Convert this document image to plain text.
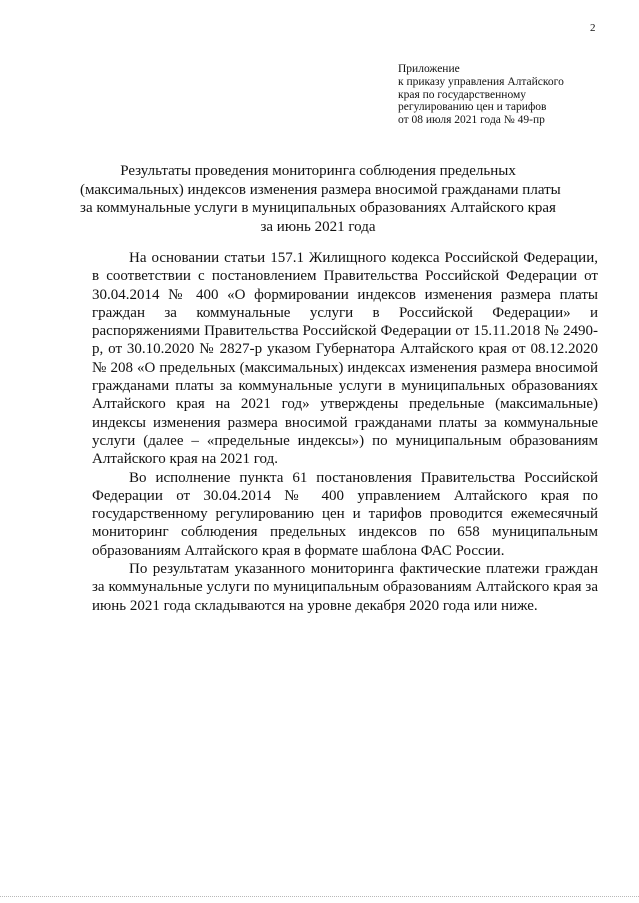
2
Приложение
к приказу управления Алтайского
края по государственному
регулированию цен и тарифов
от 08 июля 2021 года № 49-пр
Результаты проведения мониторинга соблюдения предельных
(максимальных) индексов изменения размера вносимой гражданами платы
за коммунальные услуги в муниципальных образованиях Алтайского края
за июнь 2021 года

На основании статьи 157.1 Жилищного кодекса Российской Федерации, в соответствии с постановлением Правительства Российской Федерации от 30.04.2014 № 400 «О формировании индексов изменения размера платы граждан за коммунальные услуги в Российской Федерации» и распоряжениями Правительства Российской Федерации от 15.11.2018 № 2490-р, от 30.10.2020 № 2827-р указом Губернатора Алтайского края от 08.12.2020 № 208 «О предельных (максимальных) индексах изменения размера вносимой гражданами платы за коммунальные услуги в муниципальных образованиях Алтайского края на 2021 год» утверждены предельные (максимальные) индексы изменения размера вносимой гражданами платы за коммунальные услуги (далее – «предельные индексы») по муниципальным образованиям Алтайского края на 2021 год.

Во исполнение пункта 61 постановления Правительства Российской Федерации от 30.04.2014 № 400 управлением Алтайского края по государственному регулированию цен и тарифов проводится ежемесячный мониторинг соблюдения предельных индексов по 658 муниципальным образованиям Алтайского края в формате шаблона ФАС России.

По результатам указанного мониторинга фактические платежи граждан за коммунальные услуги по муниципальным образованиям Алтайского края за июнь 2021 года складываются на уровне декабря 2020 года или ниже.
